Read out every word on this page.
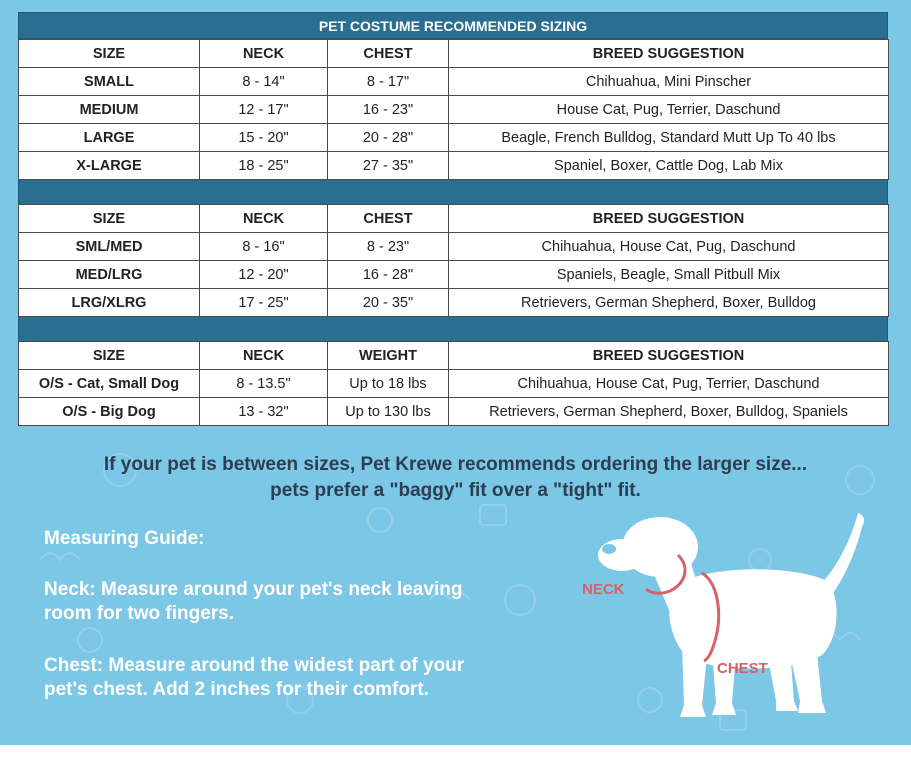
PET COSTUME RECOMMENDED SIZING
SIZE	NECK	CHEST	BREED SUGGESTION
SMALL	8 - 14"	8 - 17"	Chihuahua, Mini Pinscher
MEDIUM	12 - 17"	16 - 23"	House Cat, Pug, Terrier, Daschund
LARGE	15 - 20"	20 - 28"	Beagle, French Bulldog, Standard Mutt Up To 40 lbs
X-LARGE	18 - 25"	27 - 35"	Spaniel, Boxer, Cattle Dog, Lab Mix
SIZE	NECK	CHEST	BREED SUGGESTION
SML/MED	8 - 16"	8 - 23"	Chihuahua, House Cat, Pug, Daschund
MED/LRG	12 - 20"	16 - 28"	Spaniels, Beagle, Small Pitbull Mix
LRG/XLRG	17 - 25"	20 - 35"	Retrievers, German Shepherd, Boxer, Bulldog
SIZE	NECK	WEIGHT	BREED SUGGESTION
O/S - Cat, Small Dog	8 - 13.5"	Up to 18 lbs	Chihuahua, House Cat, Pug, Terrier, Daschund
O/S - Big Dog	13 - 32"	Up to 130 lbs	Retrievers, German Shepherd, Boxer, Bulldog, Spaniels
If your pet is between sizes, Pet Krewe recommends ordering the larger size...
pets prefer a "baggy" fit over a "tight" fit.
Measuring Guide:
Neck: Measure around your pet's neck leaving
room for two fingers.
Chest: Measure around the widest part of your
pet's chest. Add 2 inches for their comfort.
NECK
CHEST
